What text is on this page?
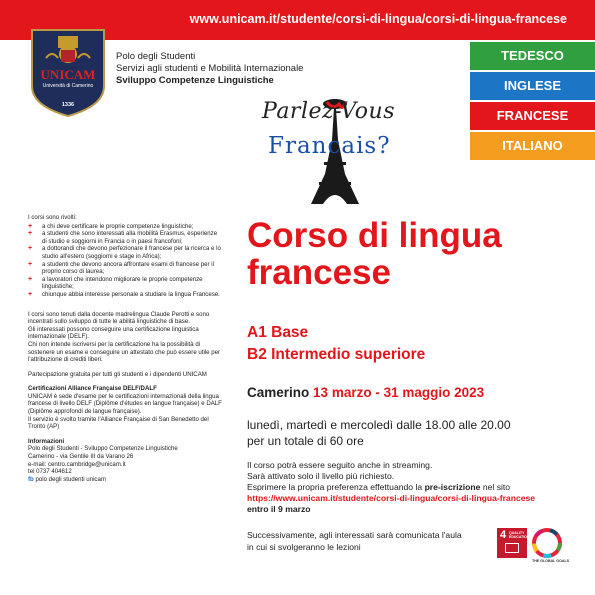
www.unicam.it/studente/corsi-di-lingua/corsi-di-lingua-francese
UNICAM
Università di Camerino
1336
Polo degli Studenti
Servizi agli studenti e Mobilità Internazionale
Sviluppo Competenze Linguistiche
TEDESCO
INGLESE
FRANCESE
ITALIANO
Parlez-Vous
Francais?

I corsi sono rivolti:

+ a chi deve certificare le proprie competenze linguistiche;
+ a studenti che sono interessati alla mobilità Erasmus, esperienze di studio e soggiorni in Francia o in paesi francofoni;
+ a dottorandi che devono perfezionare il francese per la ricerca e lo studio all'estero (soggiorni e stage in Africa);
+ a studenti che devono ancora affrontare esami di francese per il proprio corso di laurea;
+ a lavoratori che intendono migliorare le proprie competenze linguistiche;
+ chiunque abbia interesse personale a studiare la lingua Francese.

I corsi sono tenuti dalla docente madrelingua Claude Perotti e sono incentrati sullo sviluppo di tutte le abilità linguistiche di base.

Gli interessati possono conseguire una certificazione linguistica internazionale (DELF).

Chi non intende iscriversi per la certificazione ha la possibilità di sostenere un esame e conseguire un attestato che può essere utile per l'attribuzione di crediti liberi.

Partecipazione gratuita per tutti gli studenti e i dipendenti UNICAM

Certificazioni Alliance Française DELF/DALF

UNICAM è sede d'esame per le certificazioni internazionali della lingua francese di livello DELF (Diplôme d'études en langue française) e DALF (Diplôme approfondi de langue française).

Il servizio è svolto tramite l'Alliance Française di San Benedetto del Tronto (AP)

Informazioni

Polo degli Studenti - Sviluppo Competenze Linguistiche
Camerino - via Gentile III da Varano 26
e-mail: centro.cambridge@unicam.it
tel 0737 404612
fb polo degli studenti unicam
Corso di lingua
francese
A1 Base
B2 Intermedio superiore
Camerino 13 marzo - 31 maggio 2023
lunedì, martedì e mercoledì dalle 18.00 alle 20.00
per un totale di 60 ore
Il corso potrà essere seguito anche in streaming.
Sarà attivato solo il livello più richiesto.
Esprimere la propria preferenza effettuando la pre-iscrizione nel sito
https://www.unicam.it/studente/corsi-di-lingua/corsi-di-lingua-francese
entro il 9 marzo
Successivamente, agli interessati sarà comunicata l'aula
in cui si svolgeranno le lezioni
4 QUALITY EDUCATION
THE GLOBAL GOALS
